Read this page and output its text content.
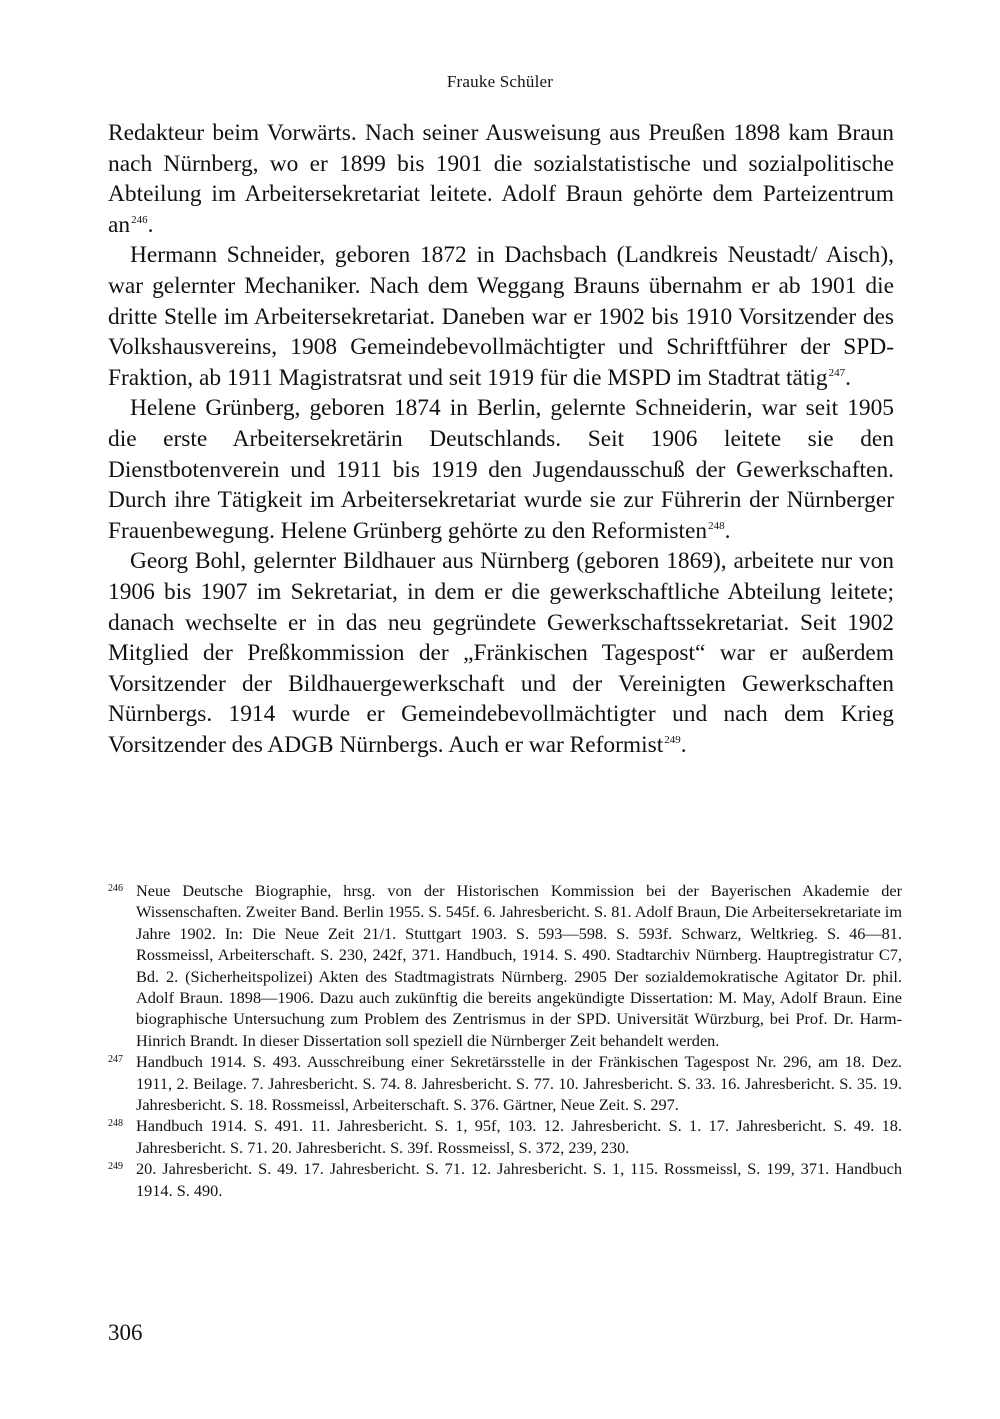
Frauke Schüler

Redakteur beim Vorwärts. Nach seiner Ausweisung aus Preußen 1898 kam Braun nach Nürnberg, wo er 1899 bis 1901 die sozialstatistische und sozialpolitische Abteilung im Arbeitersekretariat leitete. Adolf Braun gehörte dem Parteizentrum an$^{246}$.

Hermann Schneider, geboren 1872 in Dachsbach (Landkreis Neustadt/ Aisch), war gelernter Mechaniker. Nach dem Weggang Brauns übernahm er ab 1901 die dritte Stelle im Arbeitersekretariat. Daneben war er 1902 bis 1910 Vorsitzender des Volkshausvereins, 1908 Gemeindebevollmächtigter und Schriftführer der SPD-Fraktion, ab 1911 Magistratsrat und seit 1919 für die MSPD im Stadtrat tätig$^{247}$.

Helene Grünberg, geboren 1874 in Berlin, gelernte Schneiderin, war seit 1905 die erste Arbeitersekretärin Deutschlands. Seit 1906 leitete sie den Dienstbotenverein und 1911 bis 1919 den Jugendausschuß der Gewerkschaften. Durch ihre Tätigkeit im Arbeitersekretariat wurde sie zur Führerin der Nürnberger Frauenbewegung. Helene Grünberg gehörte zu den Reformisten$^{248}$.

Georg Bohl, gelernter Bildhauer aus Nürnberg (geboren 1869), arbeitete nur von 1906 bis 1907 im Sekretariat, in dem er die gewerkschaftliche Abteilung leitete; danach wechselte er in das neu gegründete Gewerkschaftssekretariat. Seit 1902 Mitglied der Preßkommission der „Fränkischen Tagespost“ war er außerdem Vorsitzender der Bildhauergewerkschaft und der Vereinigten Gewerkschaften Nürnbergs. 1914 wurde er Gemeindebevollmächtigter und nach dem Krieg Vorsitzender des ADGB Nürnbergs. Auch er war Reformist$^{249}$.

246 Neue Deutsche Biographie, hrsg. von der Historischen Kommission bei der Bayerischen Akademie der Wissenschaften. Zweiter Band. Berlin 1955. S. 545f. 6. Jahresbericht. S. 81. Adolf Braun, Die Arbeitersekretariate im Jahre 1902. In: Die Neue Zeit 21/1. Stuttgart 1903. S. 593—598. S. 593f. Schwarz, Weltkrieg. S. 46—81. Rossmeissl, Arbeiterschaft. S. 230, 242f, 371. Handbuch, 1914. S. 490. Stadtarchiv Nürnberg. Hauptregistratur C7, Bd. 2. (Sicherheitspolizei) Akten des Stadtmagistrats Nürnberg. 2905 Der sozialdemokratische Agitator Dr. phil. Adolf Braun. 1898—1906. Dazu auch zukünftig die bereits angekündigte Dissertation: M. May, Adolf Braun. Eine biographische Untersuchung zum Problem des Zentrismus in der SPD. Universität Würzburg, bei Prof. Dr. Harm-Hinrich Brandt. In dieser Dissertation soll speziell die Nürnberger Zeit behandelt werden.

247 Handbuch 1914. S. 493. Ausschreibung einer Sekretärsstelle in der Fränkischen Tagespost Nr. 296, am 18. Dez. 1911, 2. Beilage. 7. Jahresbericht. S. 74. 8. Jahresbericht. S. 77. 10. Jahresbericht. S. 33. 16. Jahresbericht. S. 35. 19. Jahresbericht. S. 18. Rossmeissl, Arbeiterschaft. S. 376. Gärtner, Neue Zeit. S. 297.

248 Handbuch 1914. S. 491. 11. Jahresbericht. S. 1, 95f, 103. 12. Jahresbericht. S. 1. 17. Jahresbericht. S. 49. 18. Jahresbericht. S. 71. 20. Jahresbericht. S. 39f. Rossmeissl, S. 372, 239, 230.

249 20. Jahresbericht. S. 49. 17. Jahresbericht. S. 71. 12. Jahresbericht. S. 1, 115. Rossmeissl, S. 199, 371. Handbuch 1914. S. 490.

306
